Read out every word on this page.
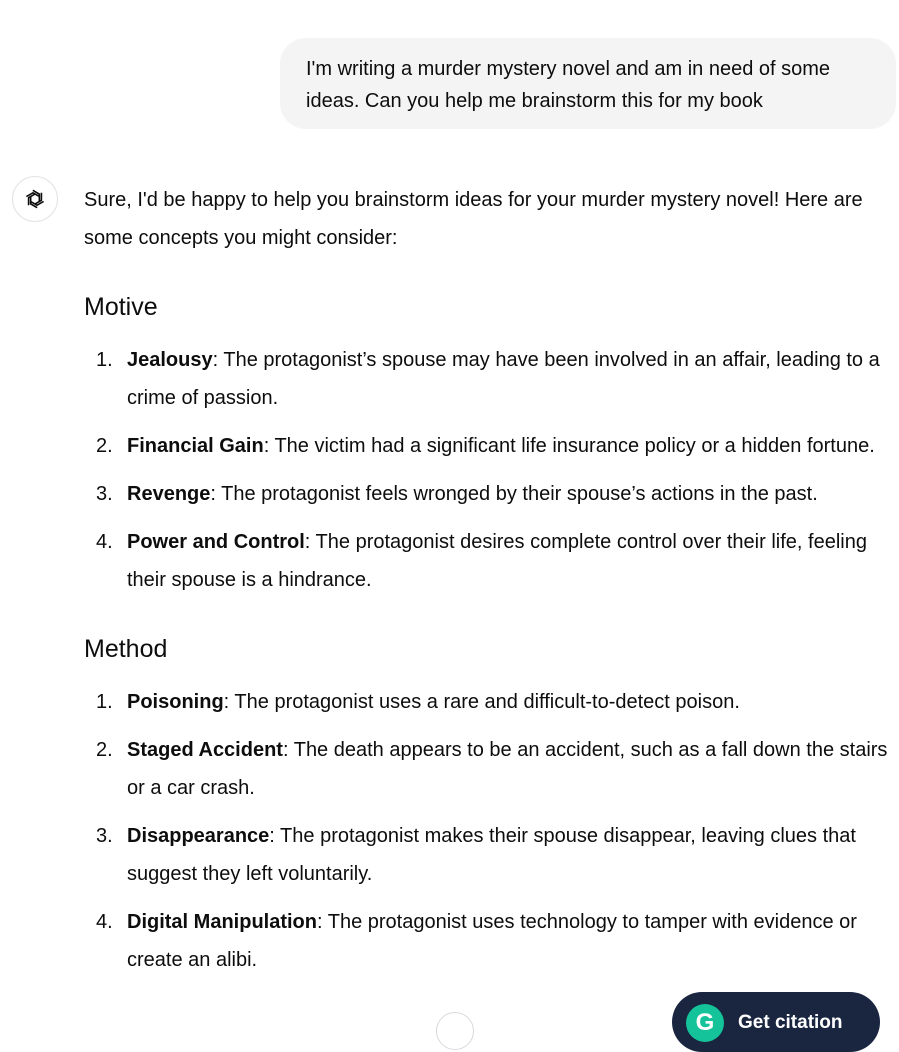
I'm writing a murder mystery novel and am in need of some ideas. Can you help me brainstorm this for my book

Sure, I'd be happy to help you brainstorm ideas for your murder mystery novel! Here are some concepts you might consider:

Motive
1. Jealousy: The protagonist’s spouse may have been involved in an affair, leading to a crime of passion.
2. Financial Gain: The victim had a significant life insurance policy or a hidden fortune.
3. Revenge: The protagonist feels wronged by their spouse’s actions in the past.
4. Power and Control: The protagonist desires complete control over their life, feeling their spouse is a hindrance.
Method
1. Poisoning: The protagonist uses a rare and difficult-to-detect poison.
2. Staged Accident: The death appears to be an accident, such as a fall down the stairs or a car crash.
3. Disappearance: The protagonist makes their spouse disappear, leaving clues that suggest they left voluntarily.
4. Digital Manipulation: The protagonist uses technology to tamper with evidence or create an alibi.
G	Get citation
